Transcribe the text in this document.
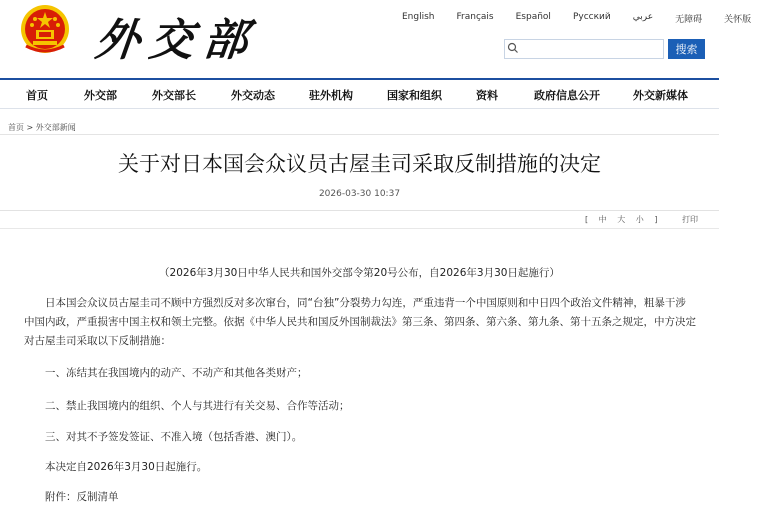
外交部	English Français Español Русский عربي 无障碍 关怀版
搜索
首页	外交部	外交部长	外交动态	驻外机构	国家和组织	资料	政府信息公开	外交新媒体
首页 > 外交部新闻
关于对日本国会众议员古屋圭司采取反制措施的决定
2026-03-30 10:37
[ 中 大 小 ]	打印
（2026年3月30日中华人民共和国外交部令第20号公布，自2026年3月30日起施行）
日本国会众议员古屋圭司不顾中方强烈反对多次窜台，同“台独”分裂势力勾连，严重违背一个中国原则和中日四个政治文件精神，粗暴干涉中国内政，严重损害中国主权和领土完整。依据《中华人民共和国反外国制裁法》第三条、第四条、第六条、第九条、第十五条之规定，中方决定对古屋圭司采取以下反制措施：
一、冻结其在我国境内的动产、不动产和其他各类财产；
二、禁止我国境内的组织、个人与其进行有关交易、合作等活动；
三、对其不予签发签证、不准入境（包括香港、澳门）。
本决定自2026年3月30日起施行。
附件：反制清单
